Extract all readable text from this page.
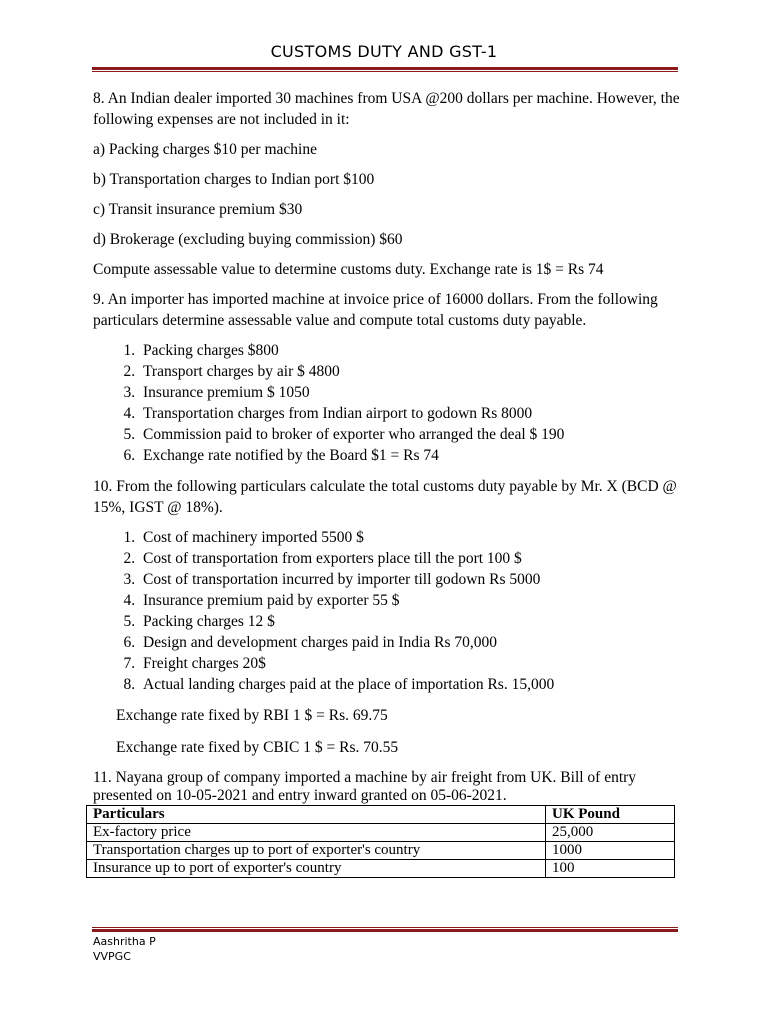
CUSTOMS DUTY AND GST-1

8. An Indian dealer imported 30 machines from USA @200 dollars per machine. However, the following expenses are not included in it:

a) Packing charges $10 per machine

b) Transportation charges to Indian port $100

c) Transit insurance premium $30

d) Brokerage (excluding buying commission) $60

Compute assessable value to determine customs duty. Exchange rate is 1$ = Rs 74

9. An importer has imported machine at invoice price of 16000 dollars. From the following particulars determine assessable value and compute total customs duty payable.

1. Packing charges $800
2. Transport charges by air $ 4800
3. Insurance premium $ 1050
4. Transportation charges from Indian airport to godown Rs 8000
5. Commission paid to broker of exporter who arranged the deal $ 190
6. Exchange rate notified by the Board $1 = Rs 74

10. From the following particulars calculate the total customs duty payable by Mr. X (BCD @ 15%, IGST @ 18%).

1. Cost of machinery imported 5500 $
2. Cost of transportation from exporters place till the port 100 $
3. Cost of transportation incurred by importer till godown Rs 5000
4. Insurance premium paid by exporter 55 $
5. Packing charges 12 $
6. Design and development charges paid in India Rs 70,000
7. Freight charges 20$
8. Actual landing charges paid at the place of importation Rs. 15,000

Exchange rate fixed by RBI 1 $ = Rs. 69.75

Exchange rate fixed by CBIC 1 $ = Rs. 70.55

11. Nayana group of company imported a machine by air freight from UK. Bill of entry presented on 10-05-2021 and entry inward granted on 05-06-2021.

Particulars	UK Pound
Ex-factory price	25,000
Transportation charges up to port of exporter's country	1000
Insurance up to port of exporter's country	100
Aashritha P
VVPGC
